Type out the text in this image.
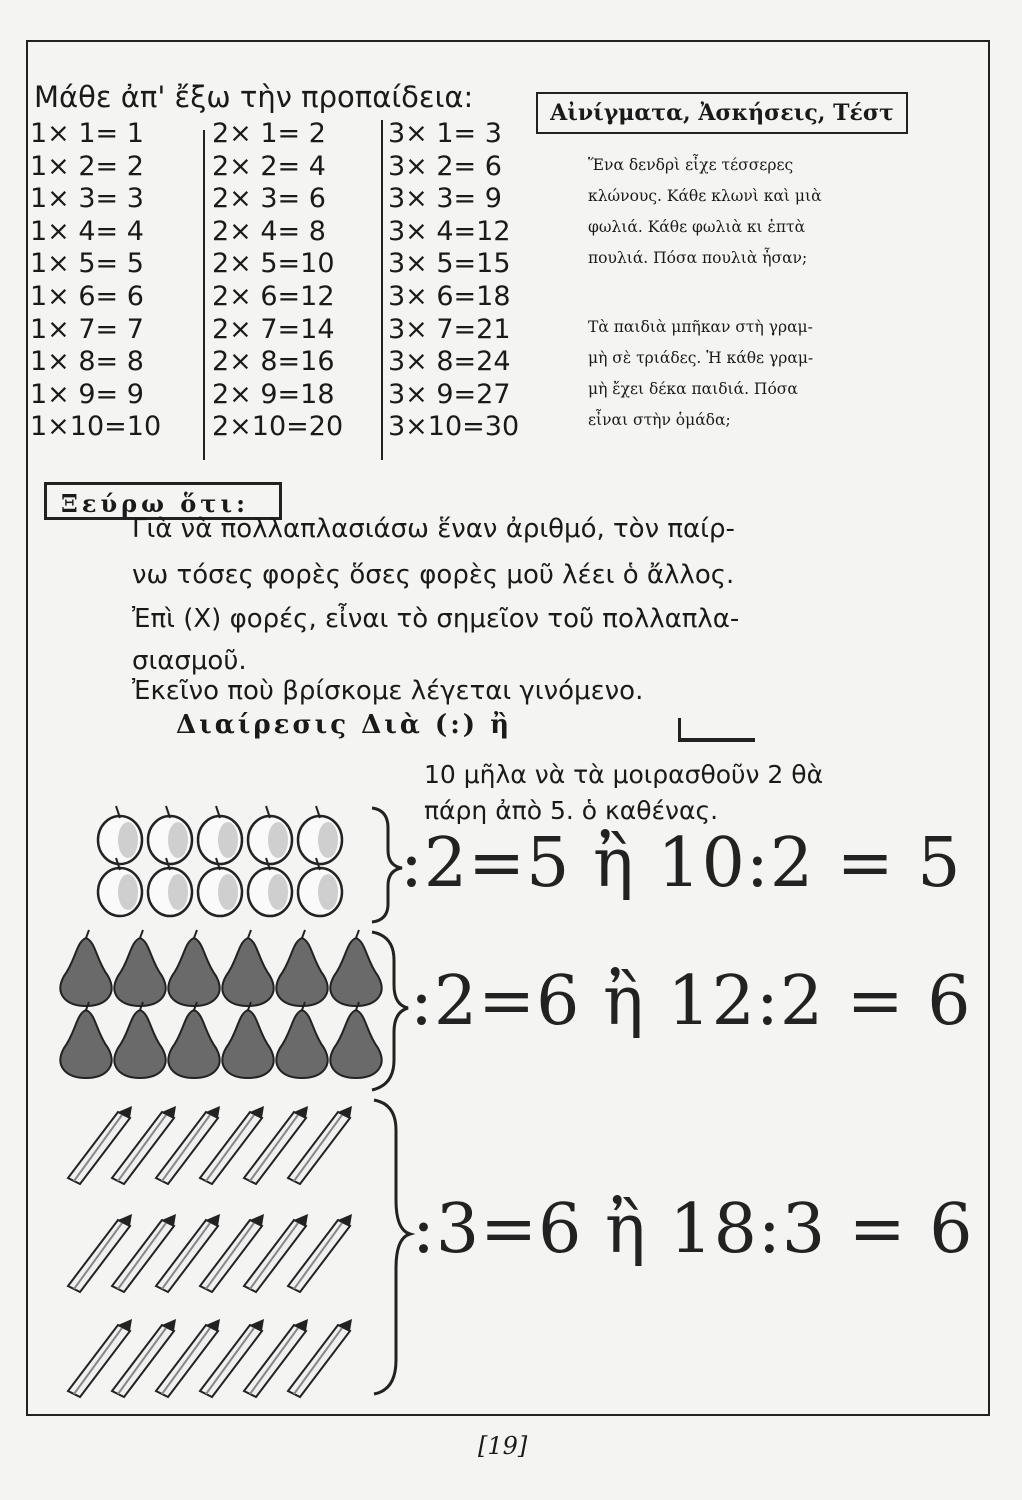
Μάθε ἀπ' ἔξω τὴν προπαίδεια:
1× 1= 1
1× 2= 2
1× 3= 3
1× 4= 4
1× 5= 5
1× 6= 6
1× 7= 7
1× 8= 8
1× 9= 9
1×10=10
2× 1= 2
2× 2= 4
2× 3= 6
2× 4= 8
2× 5=10
2× 6=12
2× 7=14
2× 8=16
2× 9=18
2×10=20
3× 1= 3
3× 2= 6
3× 3= 9
3× 4=12
3× 5=15
3× 6=18
3× 7=21
3× 8=24
3× 9=27
3×10=30
Αἰνίγματα, Ἀσκήσεις, Τέστ
Ἕνα δενδρὶ εἶχε τέσσερες
κλώνους. Κάθε κλωνὶ καὶ μιὰ
φωλιά. Κάθε φωλιὰ κι ἑπτὰ
πουλιά. Πόσα πουλιὰ ἦσαν;
Τὰ παιδιὰ μπῆκαν στὴ γραμ-
μὴ σὲ τριάδες. Ἡ κάθε γραμ-
μὴ ἔχει δέκα παιδιά. Πόσα
εἶναι στὴν ὁμάδα;
Ξεύρω ὅτι:
Γιὰ νὰ πολλαπλασιάσω ἕναν ἀριθμό, τὸν παίρ-
νω τόσες φορὲς ὅσες φορὲς μοῦ λέει ὁ ἄλλος.
Ἐπὶ (Χ) φορές, εἶναι τὸ σημεῖον τοῦ πολλαπλα-
σιασμοῦ.
Ἐκεῖνο ποὺ βρίσκομε λέγεται γινόμενο.
Διαίρεσις Διὰ (:) ἢ
10 μῆλα νὰ τὰ μοιρασθοῦν 2 θὰ
πάρη ἀπὸ 5. ὁ καθένας.
:2=5 ἢ 10:2 = 5
:2=6 ἢ 12:2 = 6
:3=6 ἢ 18:3 = 6
[19]
